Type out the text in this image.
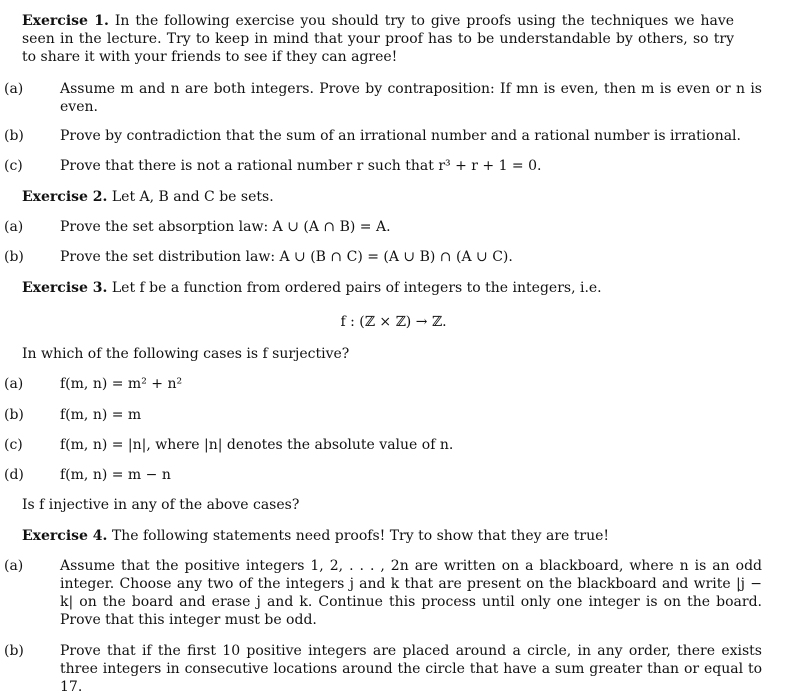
Exercise 1. In the following exercise you should try to give proofs using the techniques we have seen in the lecture. Try to keep in mind that your proof has to be understandable by others, so try to share it with your friends to see if they can agree!
(a)	Assume m and n are both integers. Prove by contraposition: If mn is even, then m is even or n is even.
(b)	Prove by contradiction that the sum of an irrational number and a rational number is irrational.
(c)	Prove that there is not a rational number r such that r³ + r + 1 = 0.
Exercise 2. Let A, B and C be sets.
(a)	Prove the set absorption law: A ∪ (A ∩ B) = A.
(b)	Prove the set distribution law: A ∪ (B ∩ C) = (A ∪ B) ∩ (A ∪ C).
Exercise 3. Let f be a function from ordered pairs of integers to the integers, i.e.
f : (ℤ × ℤ) → ℤ.
In which of the following cases is f surjective?
(a)	f(m, n) = m² + n²
(b)	f(m, n) = m
(c)	f(m, n) = |n|, where |n| denotes the absolute value of n.
(d)	f(m, n) = m − n
Is f injective in any of the above cases?
Exercise 4. The following statements need proofs! Try to show that they are true!
(a)	Assume that the positive integers 1, 2, . . . , 2n are written on a blackboard, where n is an odd integer. Choose any two of the integers j and k that are present on the blackboard and write |j − k| on the board and erase j and k. Continue this process until only one integer is on the board. Prove that this integer must be odd.
(b)	Prove that if the first 10 positive integers are placed around a circle, in any order, there exists three integers in consecutive locations around the circle that have a sum greater than or equal to 17.
